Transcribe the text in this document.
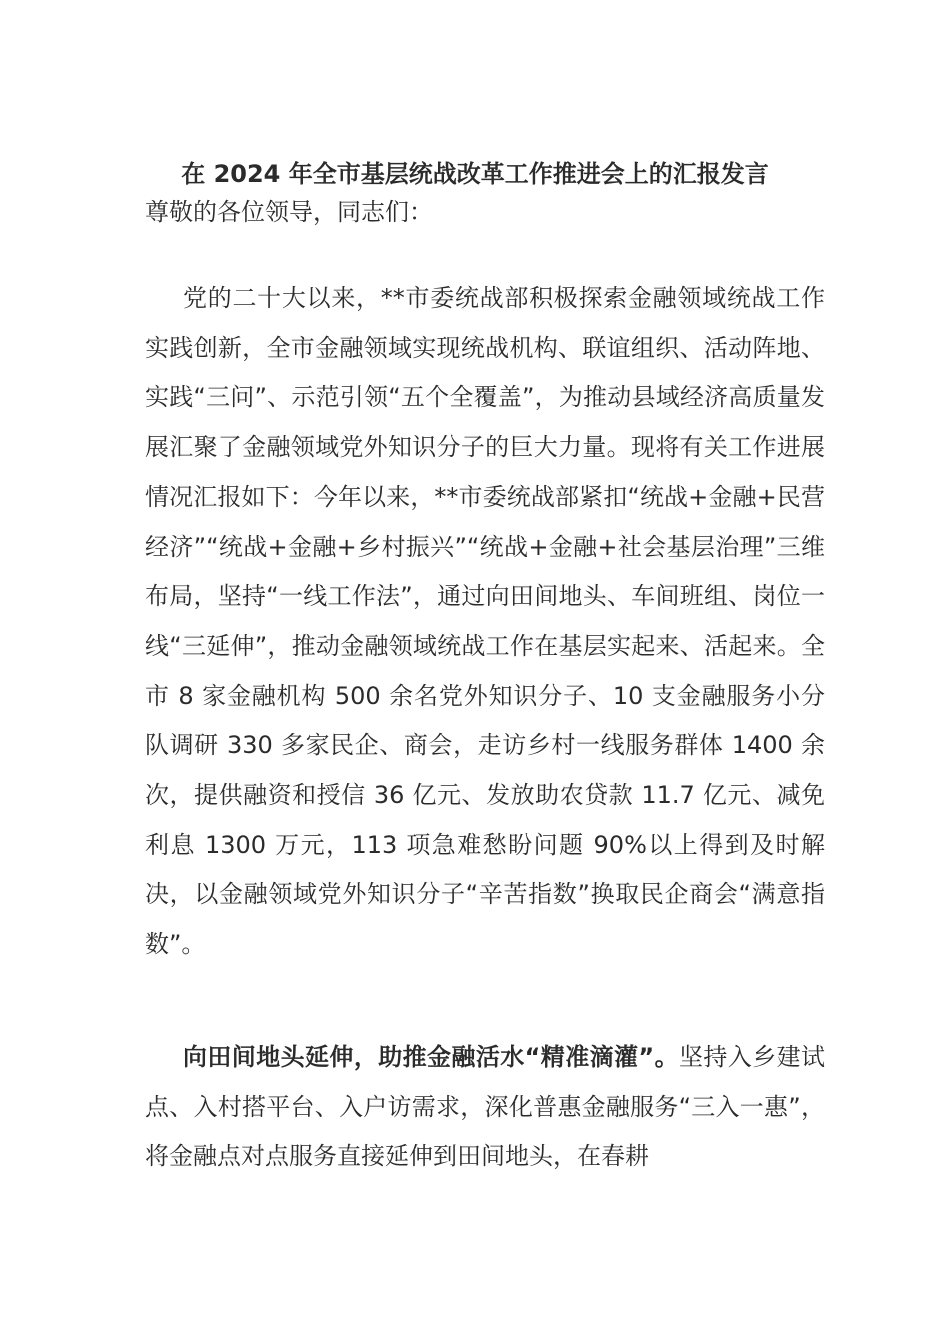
在 2024 年全市基层统战改革工作推进会上的汇报发言

尊敬的各位领导，同志们：

党的二十大以来，**市委统战部积极探索金融领域统战工作实践创新，全市金融领域实现统战机构、联谊组织、活动阵地、实践“三问”、示范引领“五个全覆盖”，为推动县域经济高质量发展汇聚了金融领域党外知识分子的巨大力量。现将有关工作进展情况汇报如下：今年以来，**市委统战部紧扣“统战+金融+民营经济”“统战+金融+乡村振兴”“统战+金融+社会基层治理”三维布局，坚持“一线工作法”，通过向田间地头、车间班组、岗位一线“三延伸”，推动金融领域统战工作在基层实起来、活起来。全市 8 家金融机构 500 余名党外知识分子、10 支金融服务小分队调研 330 多家民企、商会，走访乡村一线服务群体 1400 余次，提供融资和授信 36 亿元、发放助农贷款 11.7 亿元、减免利息 1300 万元，113 项急难愁盼问题 90%以上得到及时解决，以金融领域党外知识分子“辛苦指数”换取民企商会“满意指数”。

向田间地头延伸，助推金融活水“精准滴灌”。坚持入乡建试点、入村搭平台、入户访需求，深化普惠金融服务“三入一惠”，将金融点对点服务直接延伸到田间地头，在春耕
